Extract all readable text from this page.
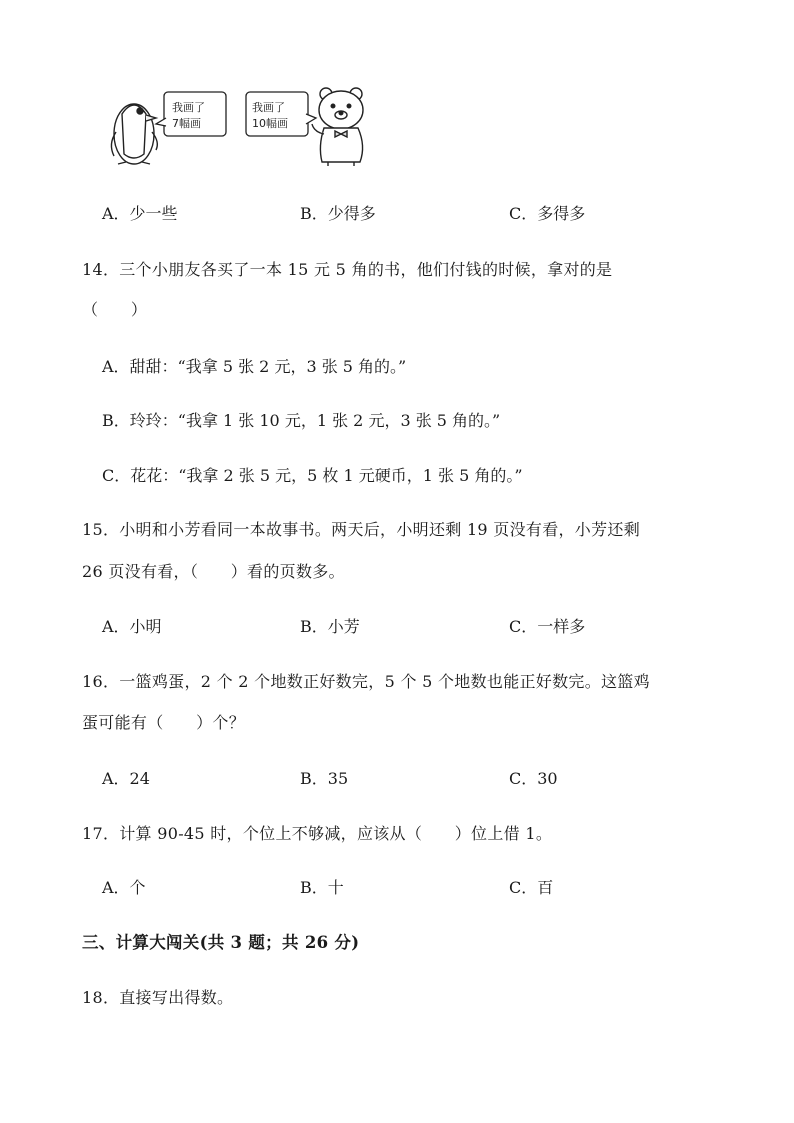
我画了
7幅画
我画了
10幅画
A．少一些	B．少得多	C．多得多
14．三个小朋友各买了一本 15 元 5 角的书，他们付钱的时候，拿对的是
（　　）
A．甜甜：“我拿 5 张 2 元，3 张 5 角的。”
B．玲玲：“我拿 1 张 10 元，1 张 2 元，3 张 5 角的。”
C．花花：“我拿 2 张 5 元，5 枚 1 元硬币，1 张 5 角的。”
15．小明和小芳看同一本故事书。两天后，小明还剩 19 页没有看，小芳还剩
26 页没有看，（　　）看的页数多。
A．小明	B．小芳	C．一样多
16．一篮鸡蛋，2 个 2 个地数正好数完，5 个 5 个地数也能正好数完。这篮鸡
蛋可能有（　　）个？
A．24	B．35	C．30
17．计算 90-45 时，个位上不够减，应该从（　　）位上借 1。
A．个	B．十	C．百
三、计算大闯关(共 3 题；共 26 分)
18．直接写出得数。
